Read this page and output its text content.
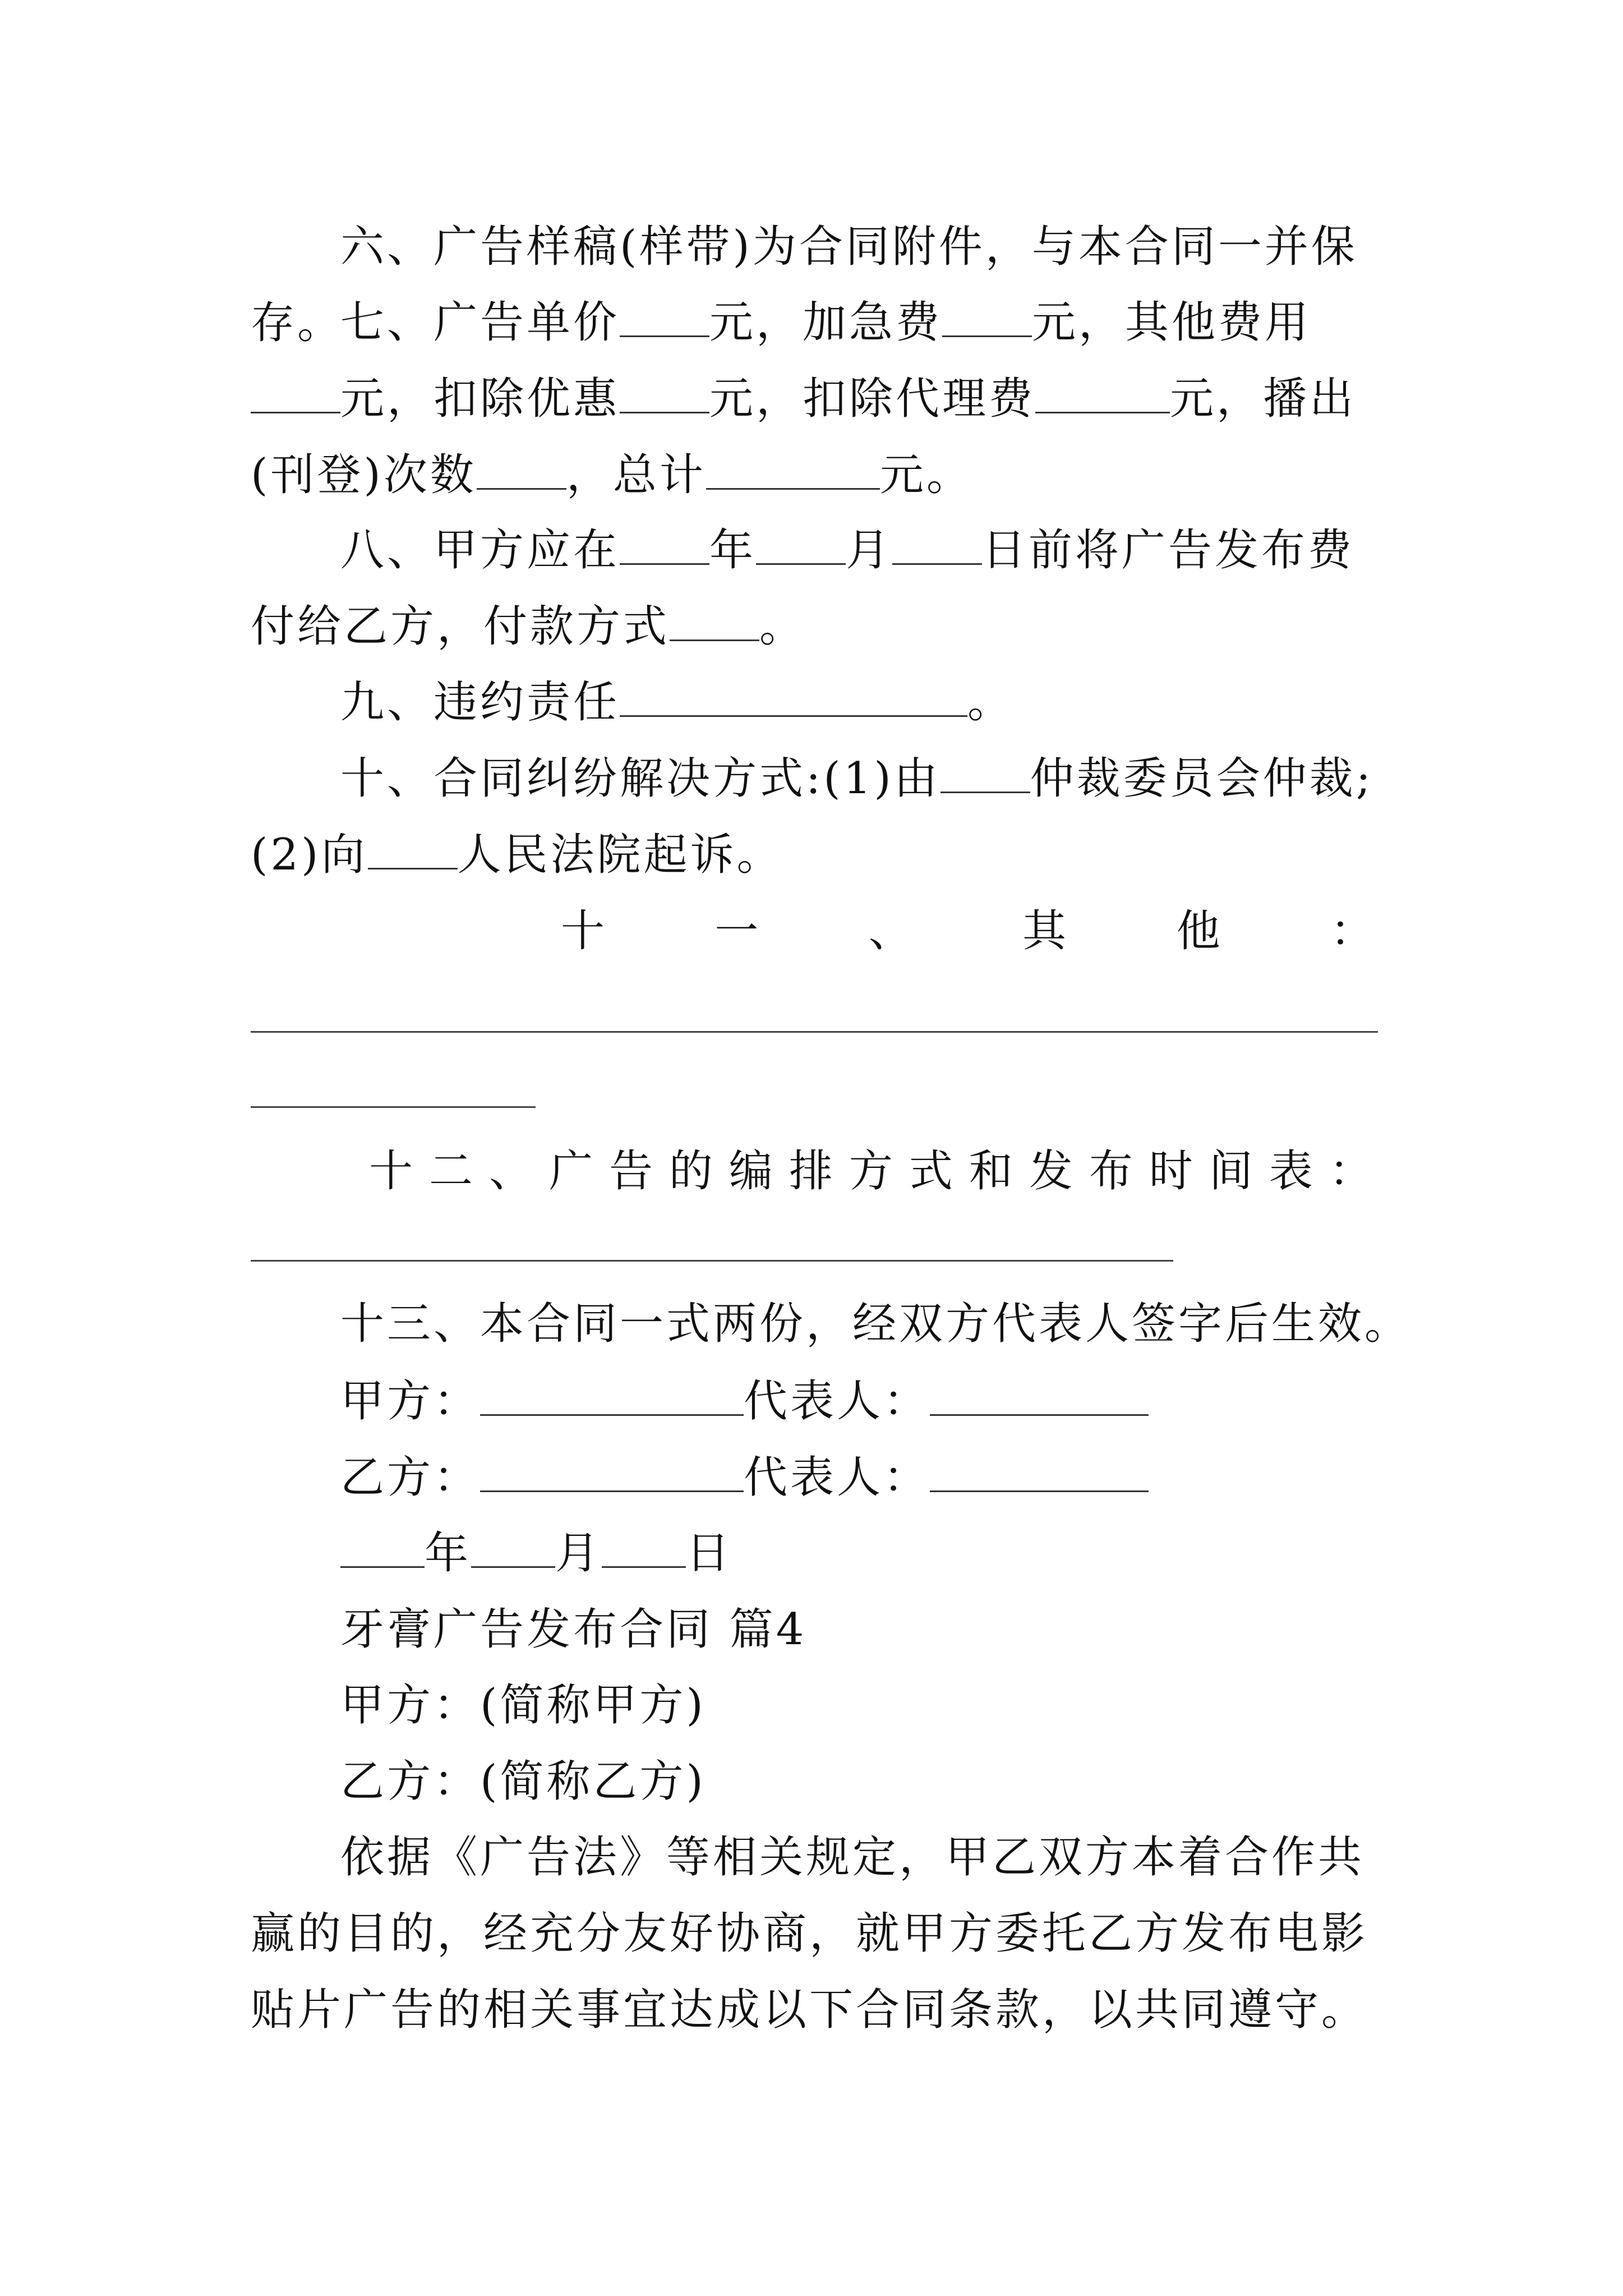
六、广告样稿(样带)为合同附件，与本合同一并保存。

七、广告单价 元，加急费 元，其他费用元，扣除优惠 元，扣除代理费	元，播出(刊登)次数 ，总计	元。

八、甲方应在 年 月 日前将广告发布费付给乙方，付款方式 。

九、违约责任	。

十、合同纠纷解决方式:(1)由 仲裁委员会仲裁;(2)向 人民法院起诉。

十	一	、	其	他	：
十 二 、 广 告 的 编 排 方 式 和 发 布 时 间 表 ：

十三、本合同一式两份，经双方代表人签字后生效。

甲方：	代表人：

乙方：	代表人：

年 月 日

牙膏广告发布合同 篇4

甲方：(简称甲方)

乙方：(简称乙方)

依据《广告法》等相关规定，甲乙双方本着合作共赢的目的，经充分友好协商，就甲方委托乙方发布电影贴片广告的相关事宜达成以下合同条款，以共同遵守。
